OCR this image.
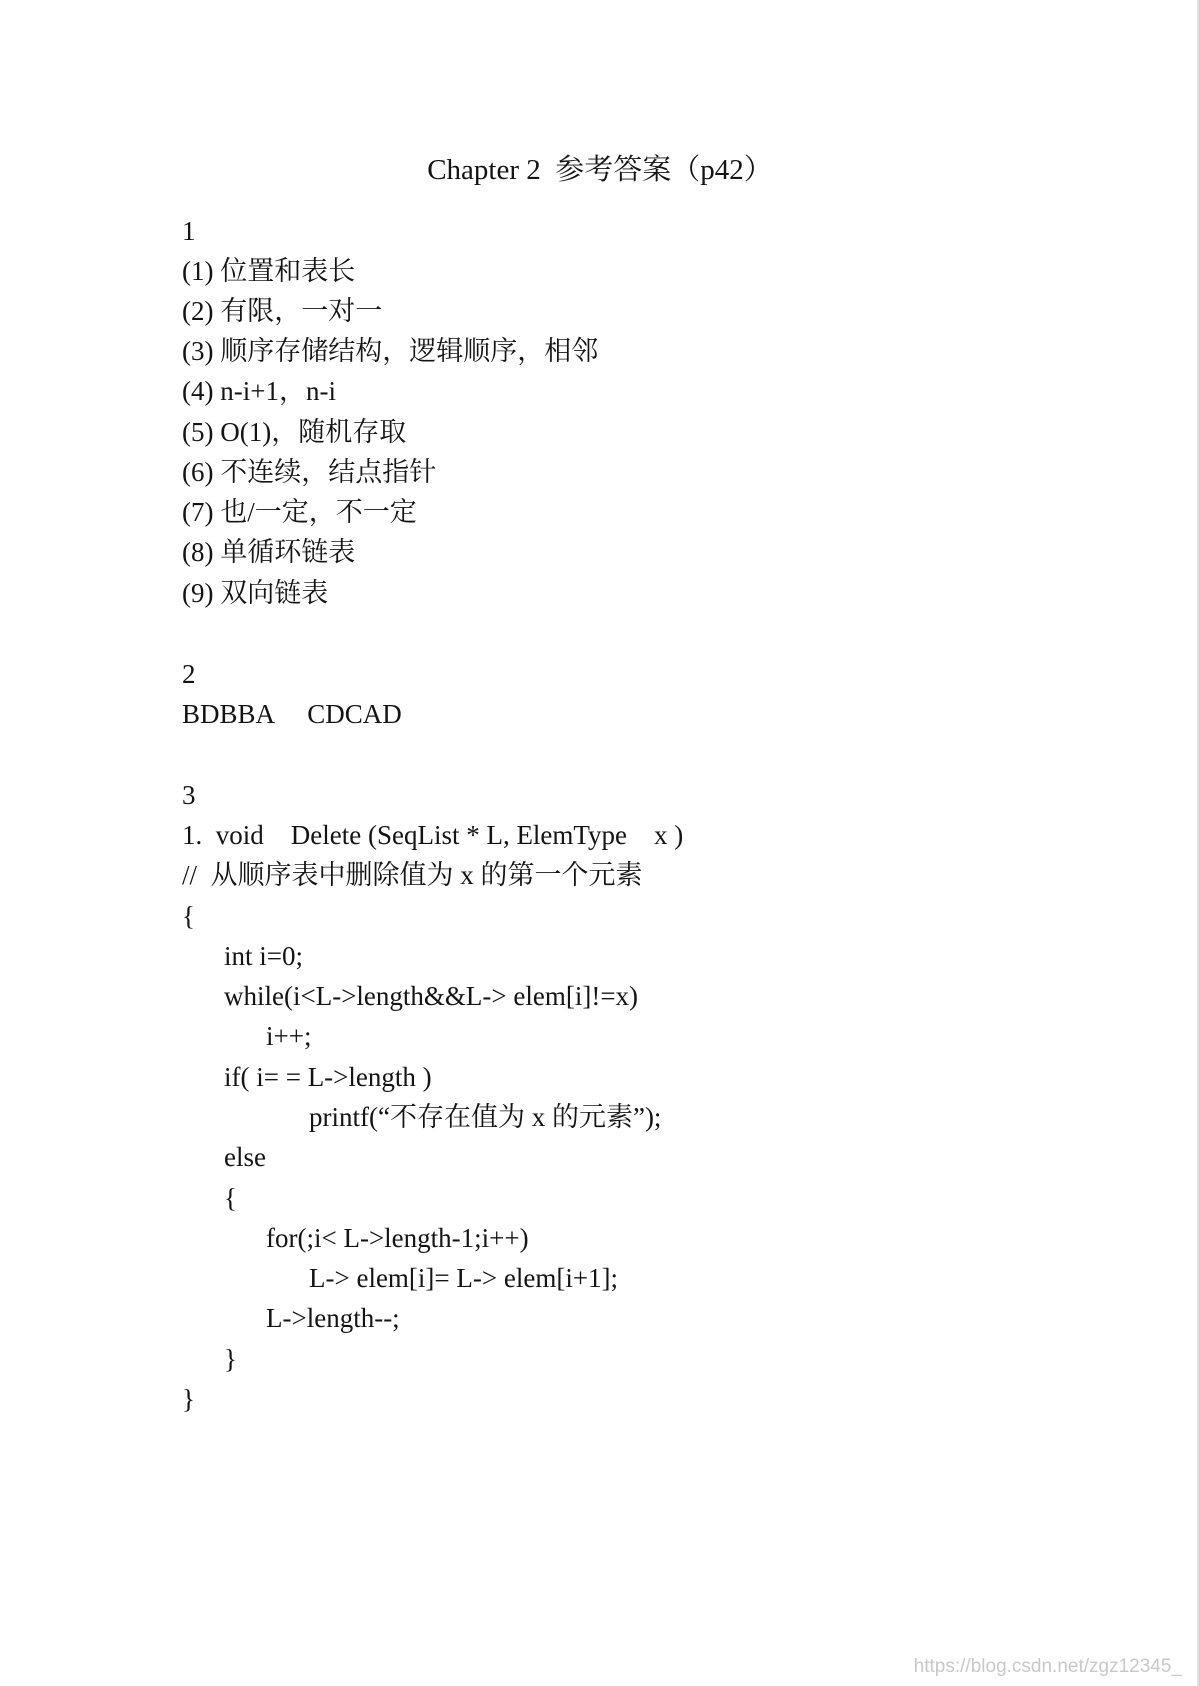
Chapter 2  参考答案（p42）
1
(1) 位置和表长
(2) 有限，一对一
(3) 顺序存储结构，逻辑顺序，相邻
(4) n-i+1，n-i
(5) O(1)，随机存取
(6) 不连续，结点指针
(7) 也/一定，不一定
(8) 单循环链表
(9) 双向链表
2
BDBBA     CDCAD
3
1.  void    Delete (SeqList * L, ElemType    x )
//  从顺序表中删除值为 x 的第一个元素
{
int i=0;
while(i<L->length&&L-> elem[i]!=x)
i++;
if( i= = L->length )
printf(“不存在值为 x 的元素”);
else
{
for(;i< L->length-1;i++)
L-> elem[i]= L-> elem[i+1];
L->length--;
}
}
https://blog.csdn.net/zgz12345_
